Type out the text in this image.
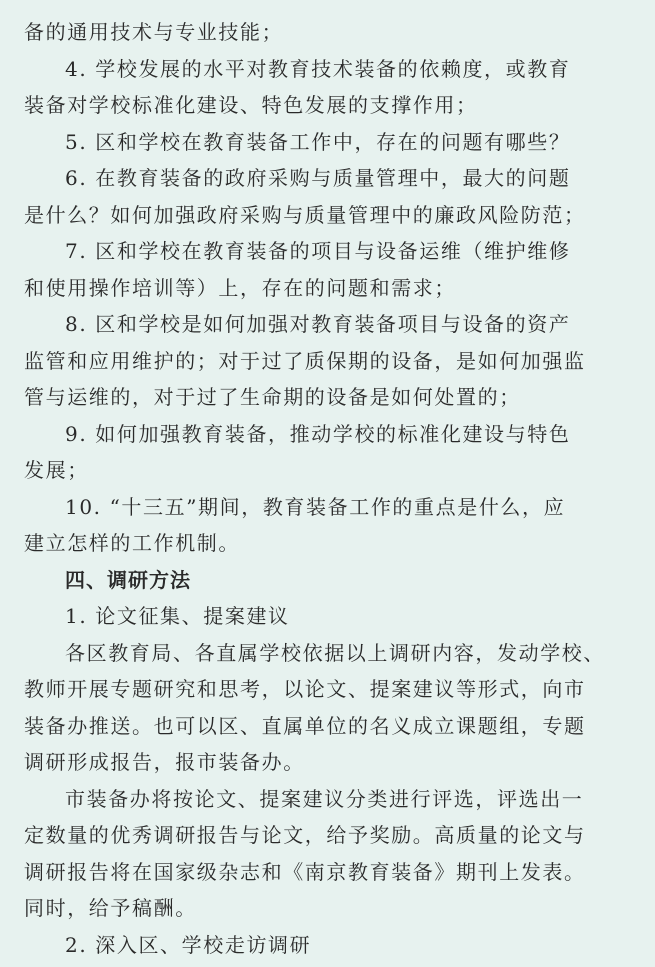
备的通用技术与专业技能；

4. 学校发展的水平对教育技术装备的依赖度，或教育
装备对学校标准化建设、特色发展的支撑作用；

5. 区和学校在教育装备工作中，存在的问题有哪些？

6. 在教育装备的政府采购与质量管理中，最大的问题
是什么？如何加强政府采购与质量管理中的廉政风险防范；

7. 区和学校在教育装备的项目与设备运维（维护维修
和使用操作培训等）上，存在的问题和需求；

8. 区和学校是如何加强对教育装备项目与设备的资产
监管和应用维护的；对于过了质保期的设备，是如何加强监
管与运维的，对于过了生命期的设备是如何处置的；

9. 如何加强教育装备，推动学校的标准化建设与特色
发展；

10. “十三五”期间，教育装备工作的重点是什么，应
建立怎样的工作机制。

四、调研方法

1. 论文征集、提案建议

各区教育局、各直属学校依据以上调研内容，发动学校、
教师开展专题研究和思考，以论文、提案建议等形式，向市
装备办推送。也可以区、直属单位的名义成立课题组，专题
调研形成报告，报市装备办。

市装备办将按论文、提案建议分类进行评选，评选出一
定数量的优秀调研报告与论文，给予奖励。高质量的论文与
调研报告将在国家级杂志和《南京教育装备》期刊上发表。
同时，给予稿酬。

2. 深入区、学校走访调研
